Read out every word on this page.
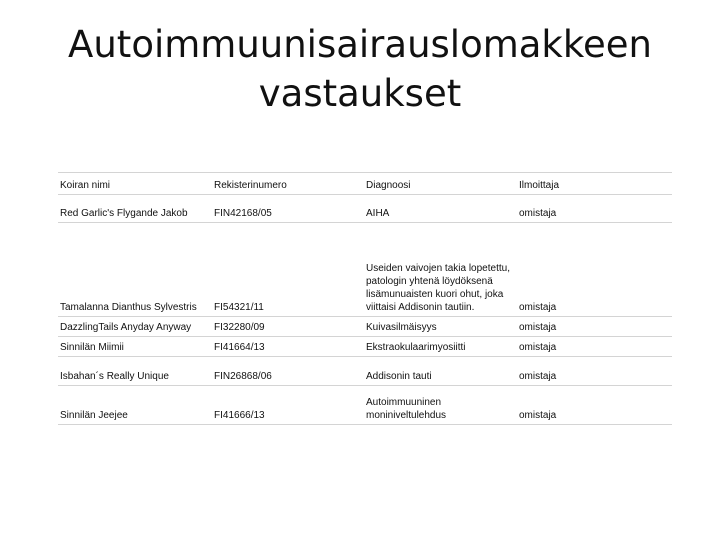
Autoimmuunisairauslomakkeen
vastaukset
Koiran nimi	Rekisterinumero	Diagnoosi	Ilmoittaja
Red Garlic's Flygande Jakob	FIN42168/05	AIHA	omistaja
Tamalanna Dianthus Sylvestris	FI54321/11	Useiden vaivojen takia lopetettu, patologin yhtenä löydöksenä lisämunuaisten kuori ohut, joka viittaisi Addisonin tautiin.	omistaja
DazzlingTails Anyday Anyway	FI32280/09	Kuivasilmäisyys	omistaja
Sinnilän Miimii	FI41664/13	Ekstraokulaarimyosiitti	omistaja
Isbahan´s Really Unique	FIN26868/06	Addisonin tauti	omistaja
Sinnilän Jeejee	FI41666/13	Autoimmuuninen moniniveltulehdus	omistaja
